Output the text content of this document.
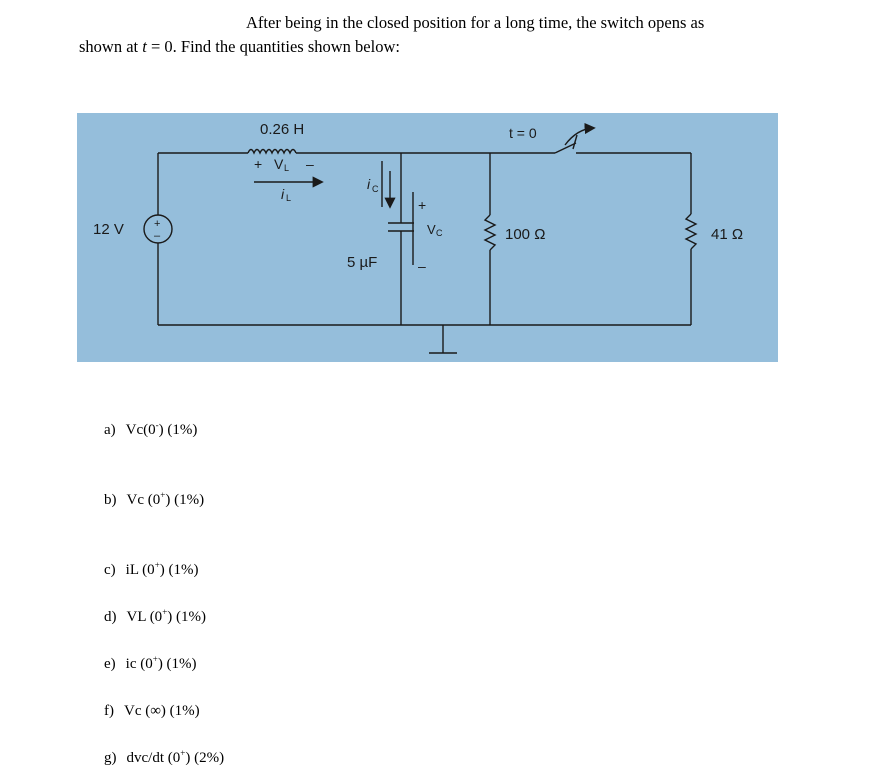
After being in the closed position for a long time, the switch opens as
shown at t = 0. Find the quantities shown below:
0.26 H
+ V L –
i L
i C
12 V	+
–
5 µF
+
V C
–
t = 0
100 Ω	41 Ω
a) Vc(0-) (1%)
b) Vc (0+) (1%)
c) iL (0+) (1%)
d) VL (0+) (1%)
e) ic (0+) (1%)
f) Vc (∞) (1%)
g) dvc/dt (0+) (2%)
